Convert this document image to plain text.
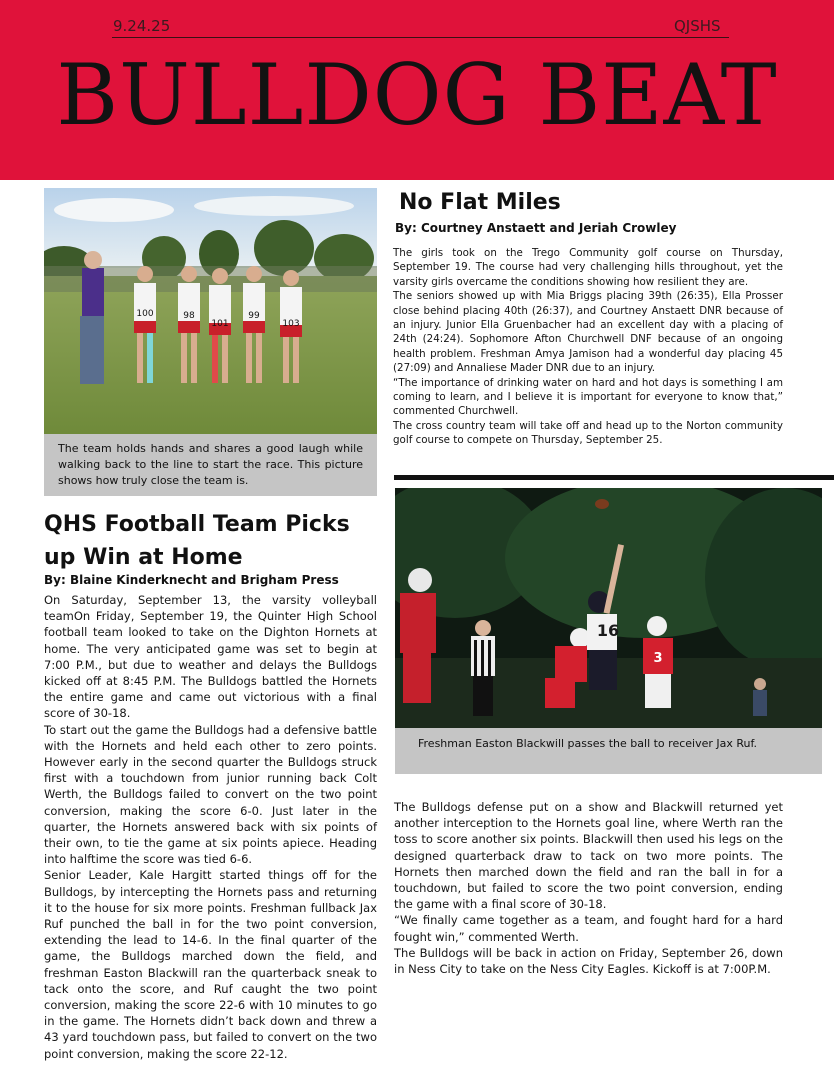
9.24.25	QJSHS
BULLDOG BEAT
100	98
101
99
103
The team holds hands and shares a good laugh while walking back to the line to start the race. This picture shows how truly close the team is.
No Flat Miles
By: Courtney Anstaett and Jeriah Crowley

The girls took on the Trego Community golf course on Thursday, September 19. The course had very challenging hills throughout, yet the varsity girls overcame the conditions showing how resilient they are.

The seniors showed up with Mia Briggs placing 39th (26:35), Ella Prosser close behind placing 40th (26:37), and Courtney Anstaett DNR because of an injury. Junior Ella Gruenbacher had an excellent day with a placing of 24th (24:24). Sophomore Afton Churchwell DNF because of an ongoing health problem. Freshman Amya Jamison had a wonderful day placing 45 (27:09) and Annaliese Mader DNR due to an injury.

“The importance of drinking water on hard and hot days is something I am coming to learn, and I believe it is important for everyone to know that,” commented Churchwell.

The cross country team will take off and head up to the Norton community golf course to compete on Thursday, September 25.

QHS Football Team Picks up Win at Home
By: Blaine Kinderknecht and Brigham Press

On Saturday, September 13, the varsity volleyball teamOn Friday, September 19, the Quinter High School football team looked to take on the Dighton Hornets at home. The very anticipated game was set to begin at 7:00 P.M., but due to weather and delays the Bulldogs kicked off at 8:45 P.M. The Bulldogs battled the Hornets the entire game and came out victorious with a final score of 30-18.

To start out the game the Bulldogs had a defensive battle with the Hornets and held each other to zero points. However early in the second quarter the Bulldogs struck first with a touchdown from junior running back Colt Werth, the Bulldogs failed to convert on the two point conversion, making the score 6-0. Just later in the quarter, the Hornets answered back with six points of their own, to tie the game at six points apiece. Heading into halftime the score was tied 6-6.

Senior Leader, Kale Hargitt started things off for the Bulldogs, by intercepting the Hornets pass and returning it to the house for six more points. Freshman fullback Jax Ruf punched the ball in for the two point conversion, extending the lead to 14-6. In the final quarter of the game, the Bulldogs marched down the field, and freshman Easton Blackwill ran the quarterback sneak to tack onto the score, and Ruf caught the two point conversion, making the score 22-6 with 10 minutes to go in the game. The Hornets didn’t back down and threw a 43 yard touchdown pass, but failed to convert on the two point conversion, making the score 22-12.

16
3
Freshman Easton Blackwill passes the ball to receiver Jax Ruf.

The Bulldogs defense put on a show and Blackwill returned yet another interception to the Hornets goal line, where Werth ran the toss to score another six points. Blackwill then used his legs on the designed quarterback draw to tack on two more points. The Hornets then marched down the field and ran the ball in for a touchdown, but failed to score the two point conversion, ending the game with a final score of 30-18.

“We finally came together as a team, and fought hard for a hard fought win,” commented Werth.

The Bulldogs will be back in action on Friday, September 26, down in Ness City to take on the Ness City Eagles. Kickoff is at 7:00P.M.
